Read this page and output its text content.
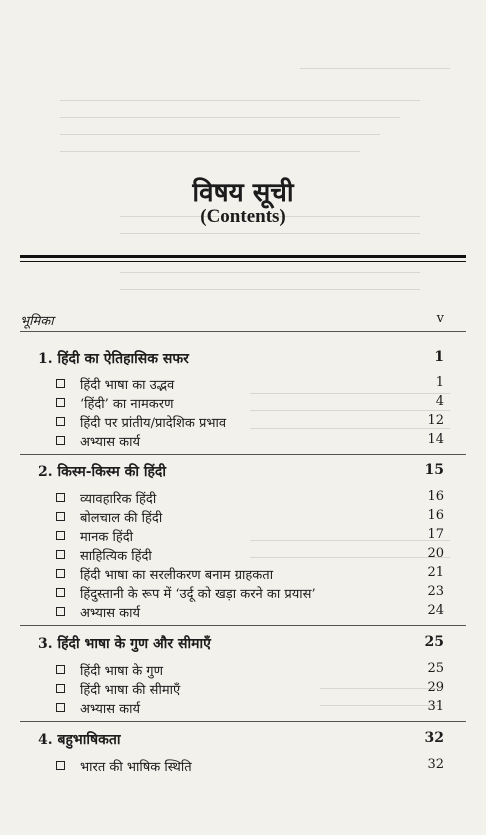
विषय सूची
(Contents)
भूमिका	v
1. हिंदी का ऐतिहासिक सफर	1
हिंदी भाषा का उद्भव	1
‘हिंदी’ का नामकरण	4
हिंदी पर प्रांतीय/प्रादेशिक प्रभाव	12
अभ्यास कार्य	14
2. किस्म-किस्म की हिंदी	15
व्यावहारिक हिंदी	16
बोलचाल की हिंदी	16
मानक हिंदी	17
साहित्यिक हिंदी	20
हिंदी भाषा का सरलीकरण बनाम ग्राहकता	21
हिंदुस्तानी के रूप में ‘उर्दू को खड़ा करने का प्रयास’	23
अभ्यास कार्य	24
3. हिंदी भाषा के गुण और सीमाएँ	25
हिंदी भाषा के गुण	25
हिंदी भाषा की सीमाएँ	29
अभ्यास कार्य	31
4. बहुभाषिकता	32
भारत की भाषिक स्थिति	32
